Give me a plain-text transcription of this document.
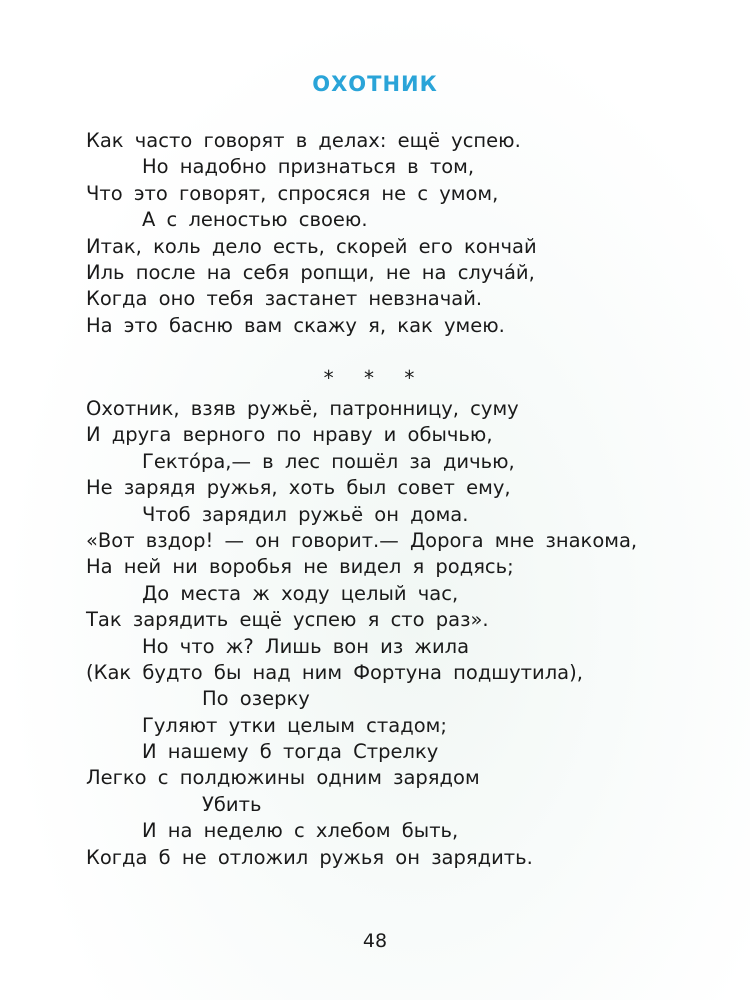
ОХОТНИК
Как часто говорят в делах: ещё успею.
Но надобно признаться в том,
Что это говорят, спросяся не с умом,
А с леностью своею.
Итак, коль дело есть, скорей его кончай
Иль после на себя ропщи, не на случа́й,
Когда оно тебя застанет невзначай.
На это басню вам скажу я, как умею.
* * *
Охотник, взяв ружьё, патронницу, суму
И друга верного по нраву и обычью,
Гекто́ра,— в лес пошёл за дичью,
Не зарядя ружья, хоть был совет ему,
Чтоб зарядил ружьё он дома.
«Вот вздор! — он говорит.— Дорога мне знакома,
На ней ни воробья не видел я родясь;
До места ж ходу целый час,
Так зарядить ещё успею я сто раз».
Но что ж? Лишь вон из жила
(Как будто бы над ним Фортуна подшутила),
По озерку
Гуляют утки целым стадом;
И нашему б тогда Стрелку
Легко с полдюжины одним зарядом
Убить
И на неделю с хлебом быть,
Когда б не отложил ружья он зарядить.
48
